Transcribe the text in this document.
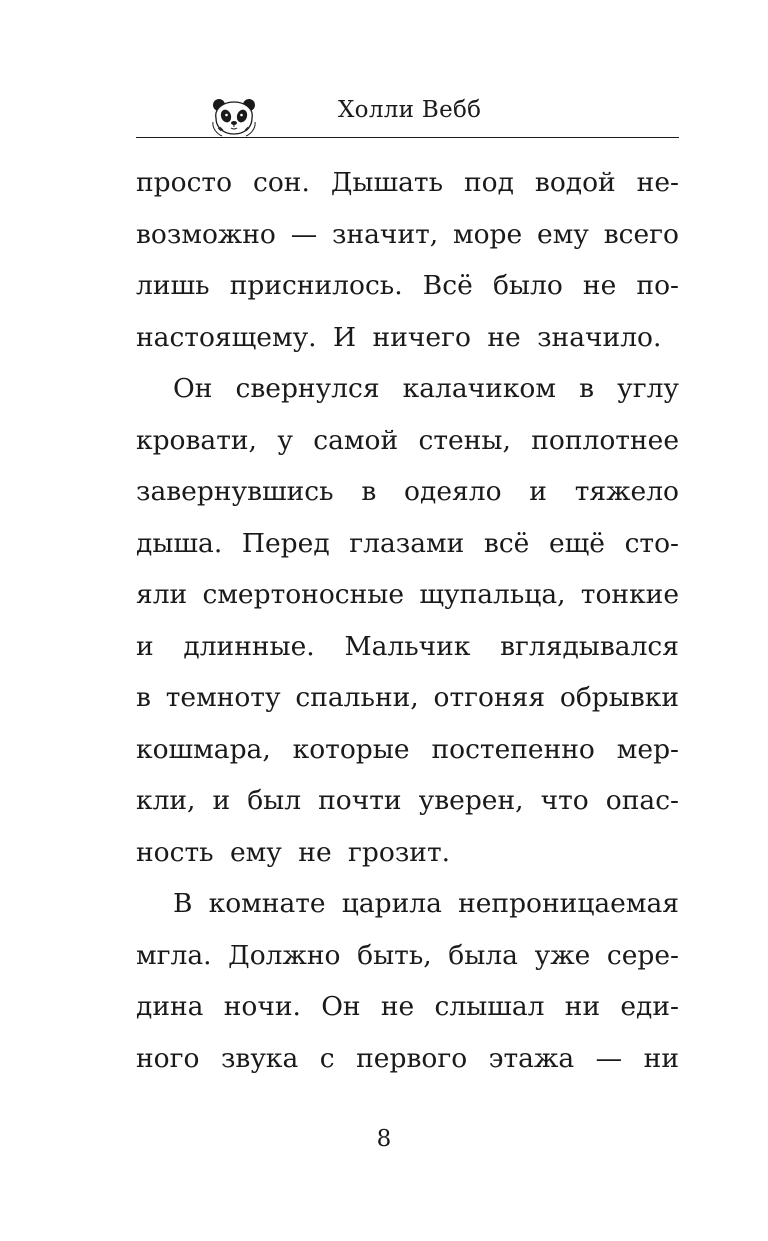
Холли Вебб
просто сон. Дышать под водой не-
возможно — значит, море ему всего
лишь приснилось. Всё было не по-
настоящему. И ничего не значило.
Он свернулся калачиком в углу
кровати, у самой стены, поплотнее
завернувшись в одеяло и тяжело
дыша. Перед глазами всё ещё сто-
яли смертоносные щупальца, тонкие
и длинные. Мальчик вглядывался
в темноту спальни, отгоняя обрывки
кошмара, которые постепенно мер-
кли, и был почти уверен, что опас-
ность ему не грозит.
В комнате царила непроницаемая
мгла. Должно быть, была уже сере-
дина ночи. Он не слышал ни еди-
ного звука с первого этажа — ни
8
